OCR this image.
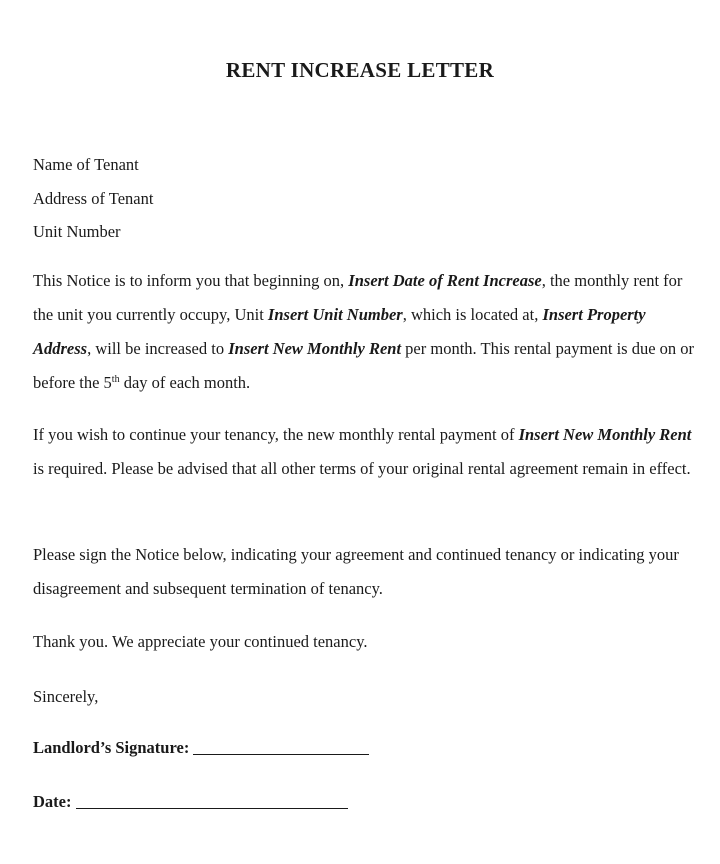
RENT INCREASE LETTER
Name of Tenant
Address of Tenant
Unit Number

This Notice is to inform you that beginning on, Insert Date of Rent Increase, the monthly rent for the unit you currently occupy, Unit Insert Unit Number, which is located at, Insert Property Address, will be increased to Insert New Monthly Rent per month. This rental payment is due on or before the 5th day of each month.

If you wish to continue your tenancy, the new monthly rental payment of Insert New Monthly Rent is required. Please be advised that all other terms of your original rental agreement remain in effect.

Please sign the Notice below, indicating your agreement and continued tenancy or indicating your disagreement and subsequent termination of tenancy.

Thank you. We appreciate your continued tenancy.

Sincerely,

Landlord’s Signature:
Date:
